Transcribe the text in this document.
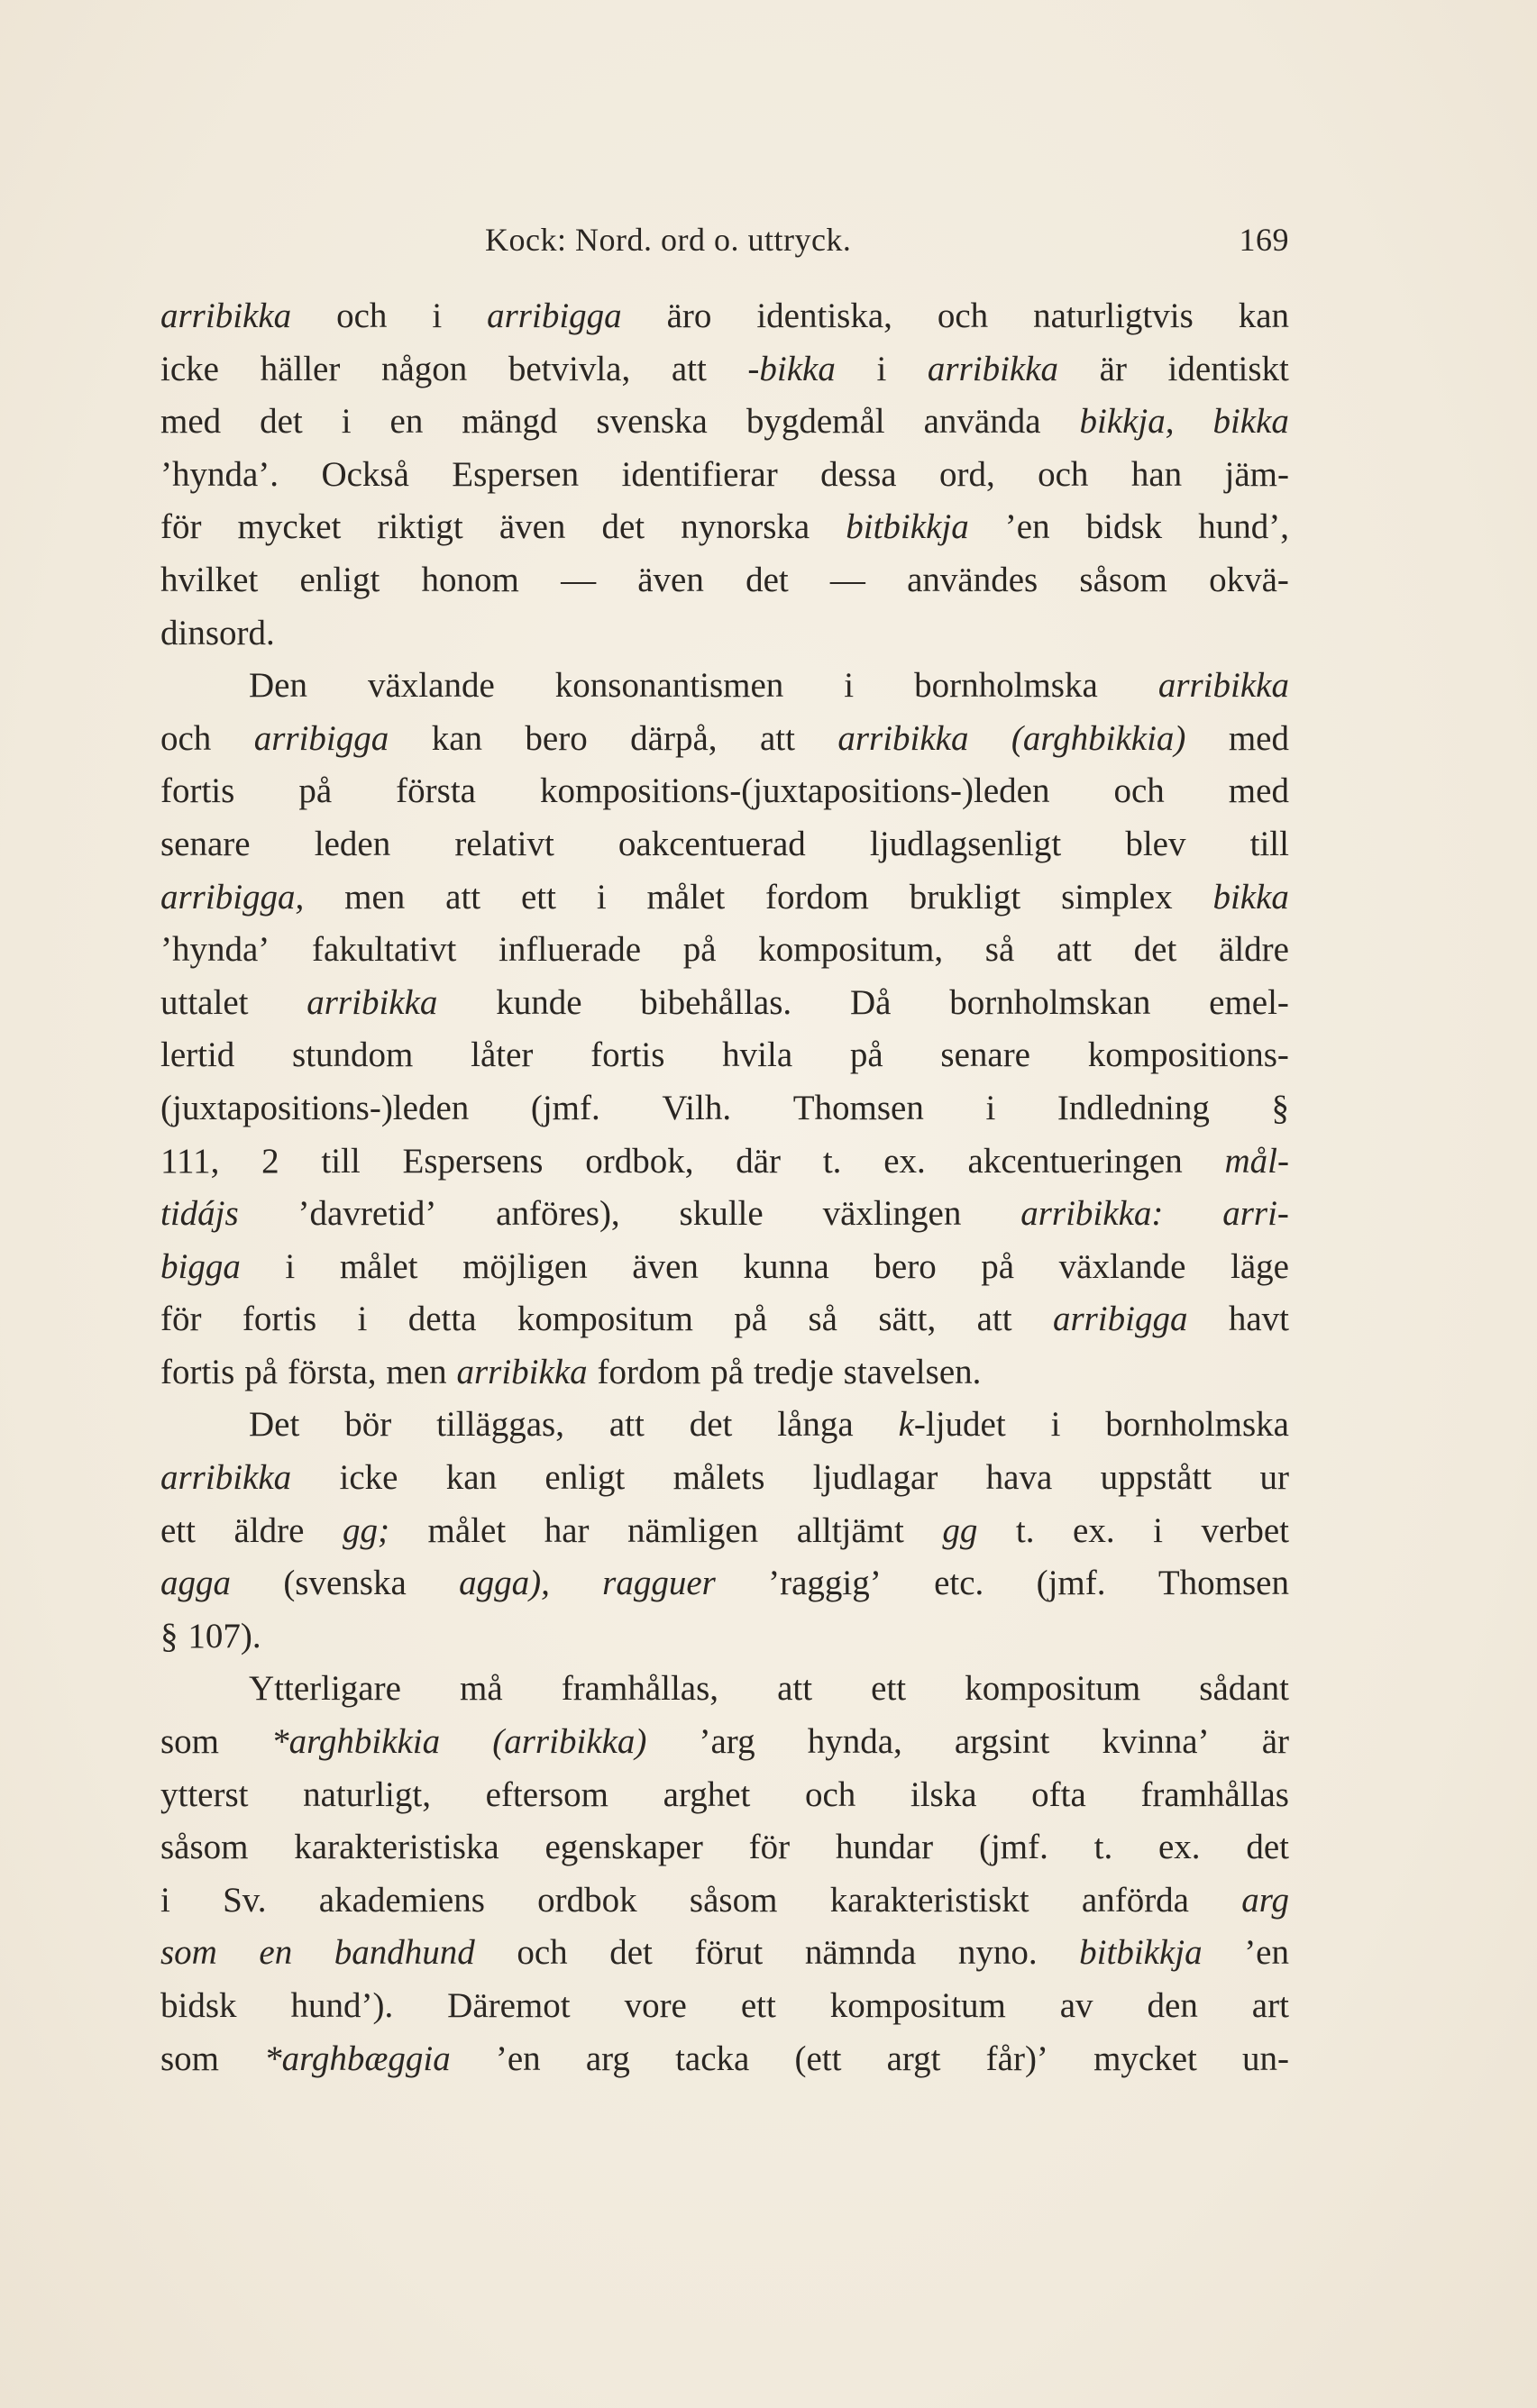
Kock: Nord. ord o. uttryck.	169
arribikka och i arribigga äro identiska, och naturligtvis kan
icke häller någon betvivla, att -bikka i arribikka är identiskt
med det i en mängd svenska bygdemål använda bikkja, bikka
’hynda’. Också Espersen identifierar dessa ord, och han jäm-
för mycket riktigt även det nynorska bitbikkja ’en bidsk hund’,
hvilket enligt honom — även det — användes såsom okvä-
dinsord.
Den växlande konsonantismen i bornholmska arribikka
och arribigga kan bero därpå, att arribikka (arghbikkia) med
fortis på första kompositions-(juxtapositions-)leden och med
senare leden relativt oakcentuerad ljudlagsenligt blev till
arribigga, men att ett i målet fordom brukligt simplex bikka
’hynda’ fakultativt influerade på kompositum, så att det äldre
uttalet arribikka kunde bibehållas. Då bornholmskan emel-
lertid stundom låter fortis hvila på senare kompositions-
(juxtapositions-)leden (jmf. Vilh. Thomsen i Indledning §
111, 2 till Espersens ordbok, där t. ex. akcentueringen mål-
tidájs ’davretid’ anföres), skulle växlingen arribikka: arri-
bigga i målet möjligen även kunna bero på växlande läge
för fortis i detta kompositum på så sätt, att arribigga havt
fortis på första, men arribikka fordom på tredje stavelsen.
Det bör tilläggas, att det långa k-ljudet i bornholmska
arribikka icke kan enligt målets ljudlagar hava uppstått ur
ett äldre gg; målet har nämligen alltjämt gg t. ex. i verbet
agga (svenska agga), ragguer ’raggig’ etc. (jmf. Thomsen
§ 107).
Ytterligare må framhållas, att ett kompositum sådant
som *arghbikkia (arribikka) ’arg hynda, argsint kvinna’ är
ytterst naturligt, eftersom arghet och ilska ofta framhållas
såsom karakteristiska egenskaper för hundar (jmf. t. ex. det
i Sv. akademiens ordbok såsom karakteristiskt anförda arg
som en bandhund och det förut nämnda nyno. bitbikkja ’en
bidsk hund’). Däremot vore ett kompositum av den art
som *arghbæggia ’en arg tacka (ett argt får)’ mycket un-
